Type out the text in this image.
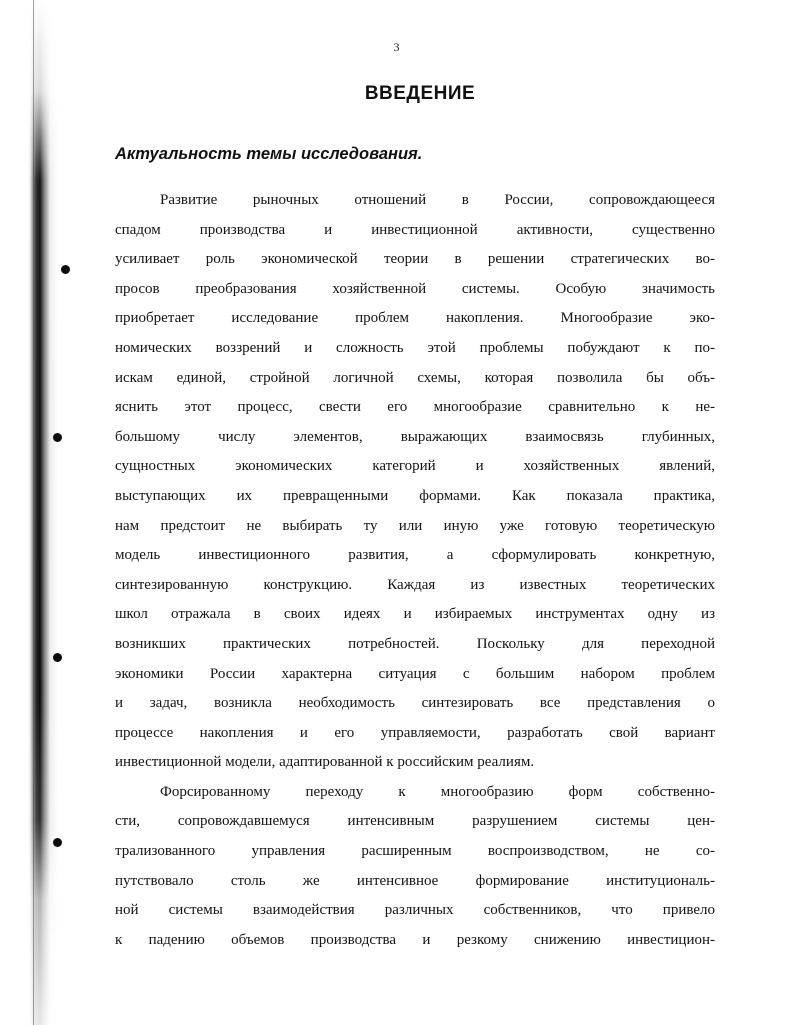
3
ВВЕДЕНИЕ
Актуальность темы исследования.
Развитие рыночных отношений в России, сопровождающееся
спадом производства и инвестиционной активности, существенно
усиливает роль экономической теории в решении стратегических во-
просов преобразования хозяйственной системы. Особую значимость
приобретает исследование проблем накопления. Многообразие эко-
номических воззрений и сложность этой проблемы побуждают к по-
искам единой, стройной логичной схемы, которая позволила бы объ-
яснить этот процесс, свести его многообразие сравнительно к не-
большому числу элементов, выражающих взаимосвязь глубинных,
сущностных экономических категорий и хозяйственных явлений,
выступающих их превращенными формами. Как показала практика,
нам предстоит не выбирать ту или иную уже готовую теоретическую
модель инвестиционного развития, а сформулировать конкретную,
синтезированную конструкцию. Каждая из известных теоретических
школ отражала в своих идеях и избираемых инструментах одну из
возникших практических потребностей. Поскольку для переходной
экономики России характерна ситуация с большим набором проблем
и задач, возникла необходимость синтезировать все представления о
процессе накопления и его управляемости, разработать свой вариант
инвестиционной модели, адаптированной к российским реалиям.
Форсированному переходу к многообразию форм собственно-
сти, сопровождавшемуся интенсивным разрушением системы цен-
трализованного управления расширенным воспроизводством, не со-
путствовало столь же интенсивное формирование институциональ-
ной системы взаимодействия различных собственников, что привело
к падению объемов производства и резкому снижению инвестицион-
